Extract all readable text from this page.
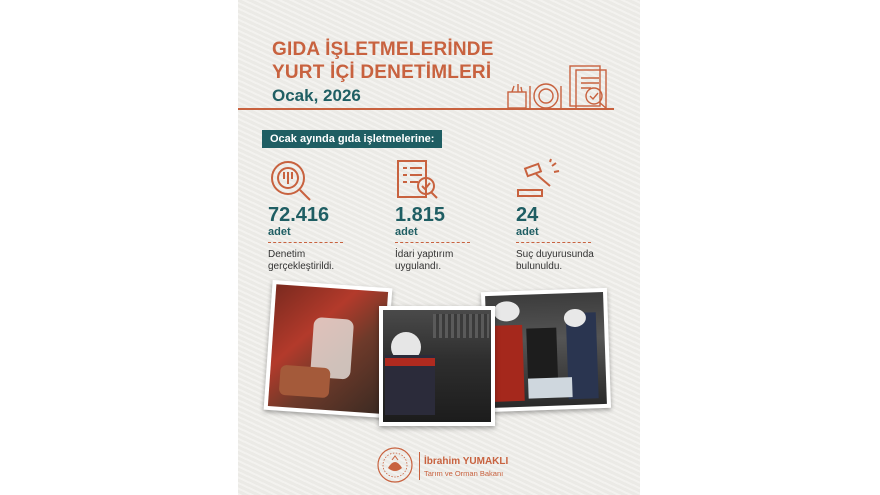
GIDA İŞLETMELERİNDE
YURT İÇİ DENETİMLERİ
Ocak, 2026
Ocak ayında gıda işletmelerine:
72.416
adet
Denetim gerçekleştirildi.
1.815
adet
İdari yaptırım uygulandı.
24
adet
Suç duyurusunda bulunuldu.
İbrahim YUMAKLI
Tarım ve Orman Bakanı
